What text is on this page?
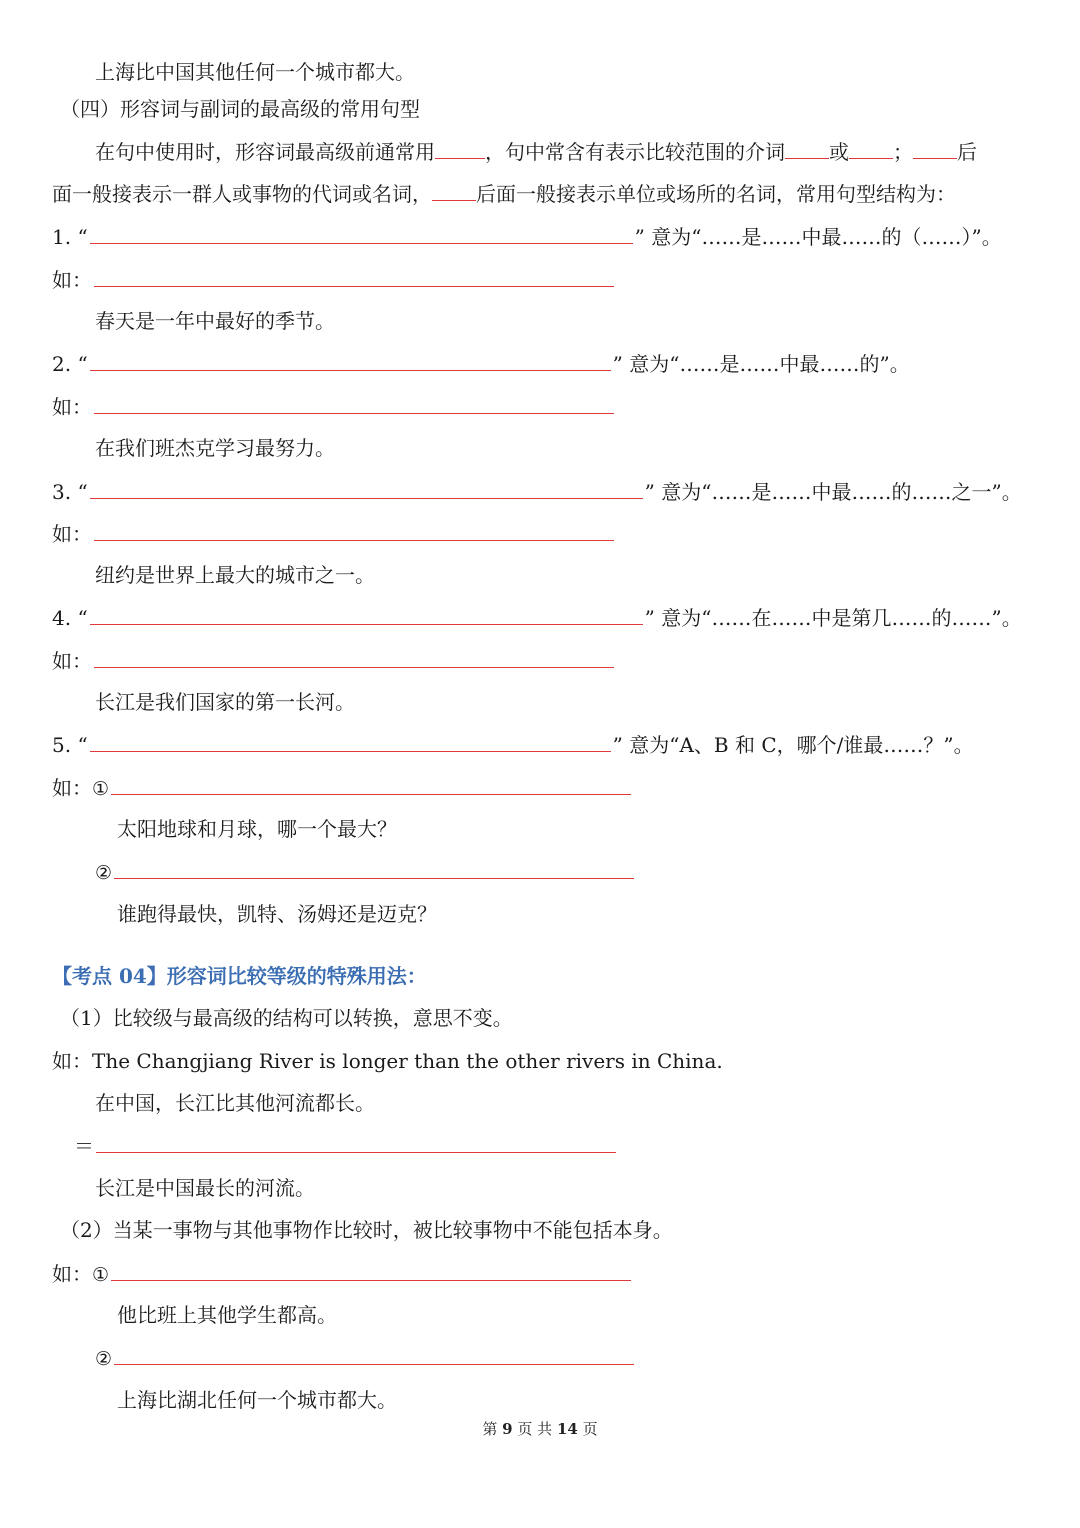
上海比中国其他任何一个城市都大。
（四）形容词与副词的最高级的常用句型
在句中使用时，形容词最高级前通常用	，句中常含有表示比较范围的介词 或 ； 后
面一般接表示一群人或事物的代词或名词， 后面一般接表示单位或场所的名词，常用句型结构为：
1. “	” 意为“……是……中最……的（……）”。
如：
春天是一年中最好的季节。
2. “	” 意为“……是……中最……的”。
如：
在我们班杰克学习最努力。
3. “	” 意为“……是……中最……的……之一”。
如：
纽约是世界上最大的城市之一。
4. “	” 意为“……在……中是第几……的……”。
如：
长江是我们国家的第一长河。
5. “	” 意为“A、B 和 C，哪个/谁最……？”。
如：①
太阳地球和月球，哪一个最大？
②
谁跑得最快，凯特、汤姆还是迈克？
【考点 04】形容词比较等级的特殊用法：
（1）比较级与最高级的结构可以转换，意思不变。
如：The Changjiang River is longer than the other rivers in China.
在中国，长江比其他河流都长。
＝
长江是中国最长的河流。
（2）当某一事物与其他事物作比较时，被比较事物中不能包括本身。
如：①
他比班上其他学生都高。
②
上海比湖北任何一个城市都大。
第 9 页 共 14 页
